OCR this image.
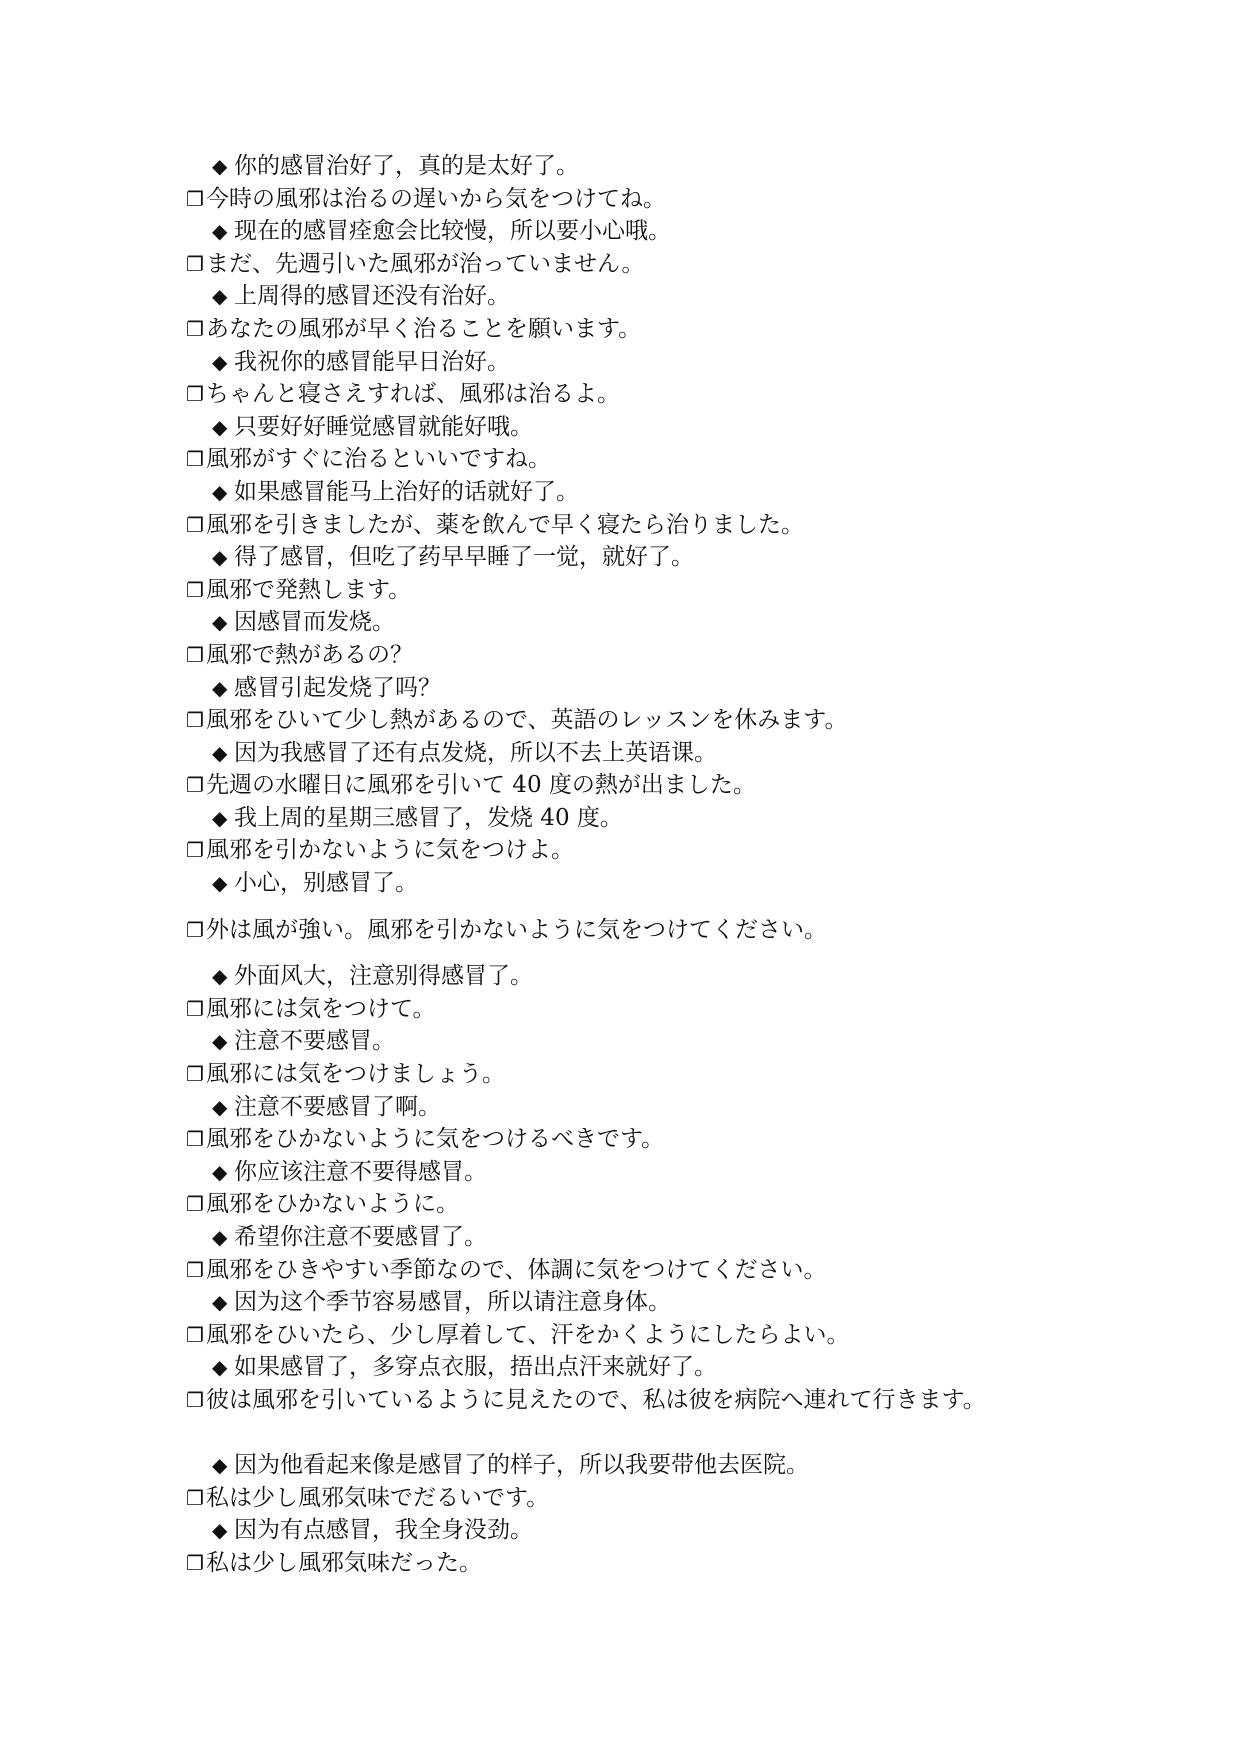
◆ 你的感冒治好了，真的是太好了。
❐ 今時の風邪は治るの遅いから気をつけてね。
◆ 现在的感冒痊愈会比较慢，所以要小心哦。
❐ まだ、先週引いた風邪が治っていません。
◆ 上周得的感冒还没有治好。
❐ あなたの風邪が早く治ることを願います。
◆ 我祝你的感冒能早日治好。
❐ ちゃんと寝さえすれば、風邪は治るよ。
◆ 只要好好睡觉感冒就能好哦。
❐ 風邪がすぐに治るといいですね。
◆ 如果感冒能马上治好的话就好了。
❐ 風邪を引きましたが、薬を飲んで早く寝たら治りました。
◆ 得了感冒，但吃了药早早睡了一觉，就好了。
❐ 風邪で発熱します。
◆ 因感冒而发烧。
❐ 風邪で熱があるの？
◆ 感冒引起发烧了吗？
❐ 風邪をひいて少し熱があるので、英語のレッスンを休みます。
◆ 因为我感冒了还有点发烧，所以不去上英语课。
❐ 先週の水曜日に風邪を引いて 40 度の熱が出ました。
◆ 我上周的星期三感冒了，发烧 40 度。
❐ 風邪を引かないように気をつけよ。
◆ 小心，别感冒了。
❐ 外は風が強い。風邪を引かないように気をつけてください。
◆ 外面风大，注意别得感冒了。
❐ 風邪には気をつけて。
◆ 注意不要感冒。
❐ 風邪には気をつけましょう。
◆ 注意不要感冒了啊。
❐ 風邪をひかないように気をつけるべきです。
◆ 你应该注意不要得感冒。
❐ 風邪をひかないように。
◆ 希望你注意不要感冒了。
❐ 風邪をひきやすい季節なので、体調に気をつけてください。
◆ 因为这个季节容易感冒，所以请注意身体。
❐ 風邪をひいたら、少し厚着して、汗をかくようにしたらよい。
◆ 如果感冒了，多穿点衣服，捂出点汗来就好了。
❐ 彼は風邪を引いているように見えたので、私は彼を病院へ連れて行きます。
◆ 因为他看起来像是感冒了的样子，所以我要带他去医院。
❐ 私は少し風邪気味でだるいです。
◆ 因为有点感冒，我全身没劲。
❐ 私は少し風邪気味だった。
